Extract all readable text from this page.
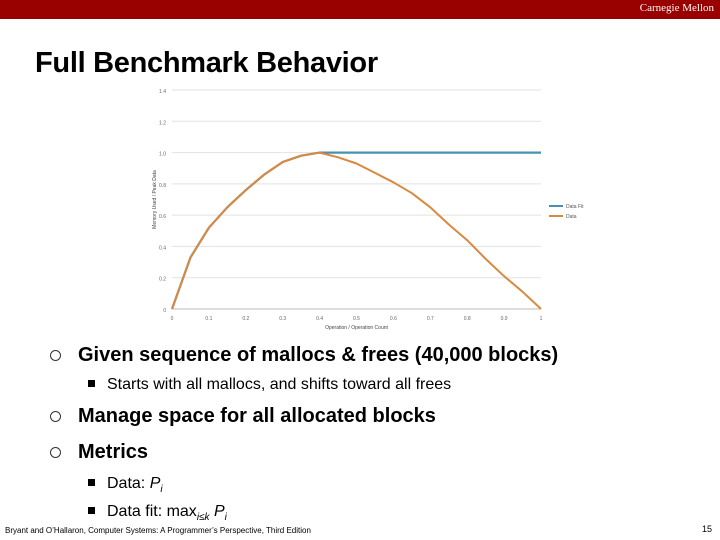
Carnegie Mellon
Full Benchmark Behavior
0
0.2
0.4
0.6
0.8
1.0
1.2
1.4
0	0.1	0.2	0.3	0.4	0.5	0.6	0.7	0.8	0.9	1
Operation / Operation Count
Memory Used / Peak Data	Data Fit
Data
Given sequence of mallocs & frees (40,000 blocks)
Starts with all mallocs, and shifts toward all frees
Manage space for all allocated blocks
Metrics
Data: $P_i$
Data fit: $\max_{i\le k} P_i$
Bryant and O’Hallaron, Computer Systems: A Programmer’s Perspective, Third Edition	15
